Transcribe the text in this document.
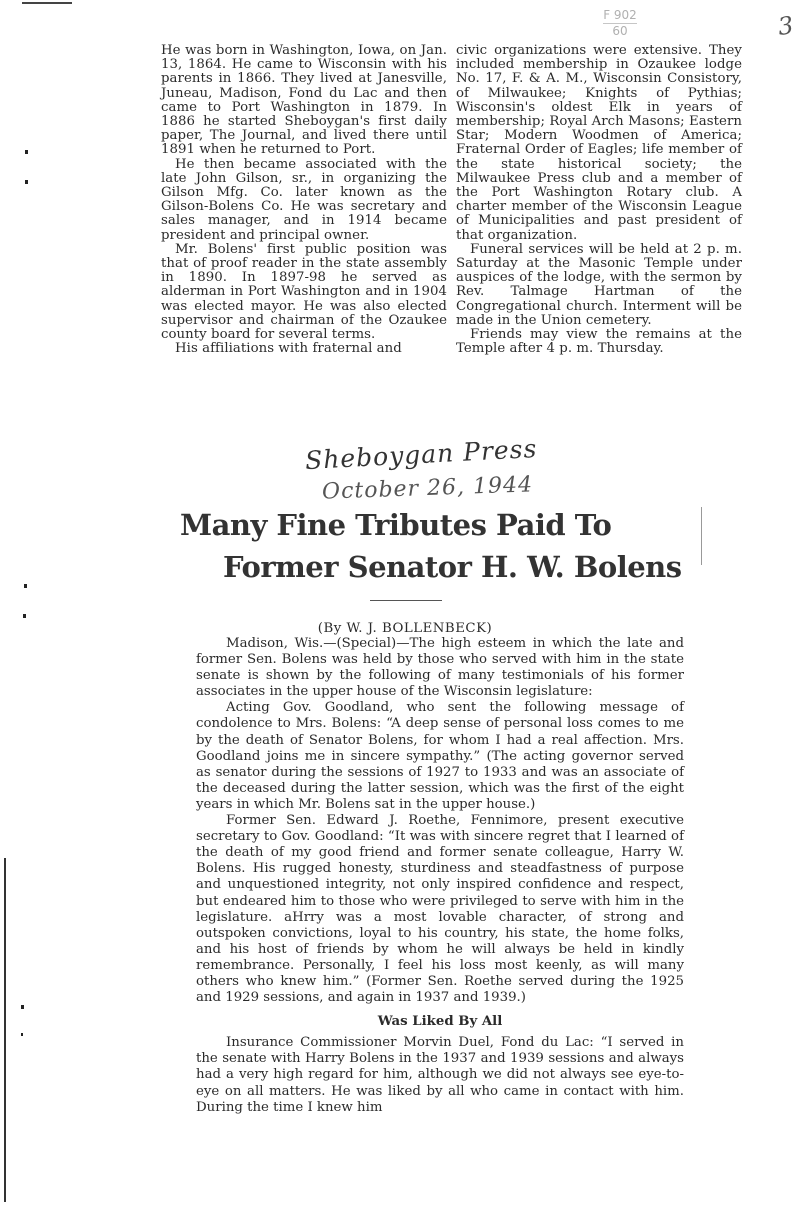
F 902
60	3

He was born in Washington, Iowa, on Jan. 13, 1864. He came to Wisconsin with his parents in 1866. They lived at Janesville, Juneau, Madison, Fond du Lac and then came to Port Washington in 1879. In 1886 he started Sheboygan's first daily paper, The Journal, and lived there until 1891 when he returned to Port.

He then became associated with the late John Gilson, sr., in organizing the Gilson Mfg. Co. later known as the Gilson-Bolens Co. He was secretary and sales manager, and in 1914 became president and principal owner.

Mr. Bolens' first public position was that of proof reader in the state assembly in 1890. In 1897-98 he served as alderman in Port Washington and in 1904 was elected mayor. He was also elected supervisor and chairman of the Ozaukee county board for several terms.

His affiliations with fraternal and

civic organizations were extensive. They included membership in Ozaukee lodge No. 17, F. & A. M., Wisconsin Consistory, of Milwaukee; Knights of Pythias; Wisconsin's oldest Elk in years of membership; Royal Arch Masons; Eastern Star; Modern Woodmen of America; Fraternal Order of Eagles; life member of the state historical society; the Milwaukee Press club and a member of the Port Washington Rotary club. A charter member of the Wisconsin League of Municipalities and past president of that organization.

Funeral services will be held at 2 p. m. Saturday at the Masonic Temple under auspices of the lodge, with the sermon by Rev. Talmage Hartman of the Congregational church. Interment will be made in the Union cemetery.

Friends may view the remains at the Temple after 4 p. m. Thursday.

Sheboygan Press
October 26, 1944
Many Fine Tributes Paid To
Former Senator H. W. Bolens
(By W. J. BOLLENBECK)

Madison, Wis.—(Special)—The high esteem in which the late and former Sen. Bolens was held by those who served with him in the state senate is shown by the following of many testimonials of his former associates in the upper house of the Wisconsin legislature:

Acting Gov. Goodland, who sent the following message of condolence to Mrs. Bolens: “A deep sense of personal loss comes to me by the death of Senator Bolens, for whom I had a real affection. Mrs. Goodland joins me in sincere sympathy.” (The acting governor served as senator during the sessions of 1927 to 1933 and was an associate of the deceased during the latter session, which was the first of the eight years in which Mr. Bolens sat in the upper house.)

Former Sen. Edward J. Roethe, Fennimore, present executive secretary to Gov. Goodland: “It was with sincere regret that I learned of the death of my good friend and former senate colleague, Harry W. Bolens. His rugged honesty, sturdiness and steadfastness of purpose and unquestioned integrity, not only inspired confidence and respect, but endeared him to those who were privileged to serve with him in the legislature. aHrry was a most lovable character, of strong and outspoken convictions, loyal to his country, his state, the home folks, and his host of friends by whom he will always be held in kindly remembrance. Personally, I feel his loss most keenly, as will many others who knew him.” (Former Sen. Roethe served during the 1925 and 1929 sessions, and again in 1937 and 1939.)

Was Liked By All

Insurance Commissioner Morvin Duel, Fond du Lac: “I served in the senate with Harry Bolens in the 1937 and 1939 sessions and always had a very high regard for him, although we did not always see eye-to-eye on all matters. He was liked by all who came in contact with him. During the time I knew him
